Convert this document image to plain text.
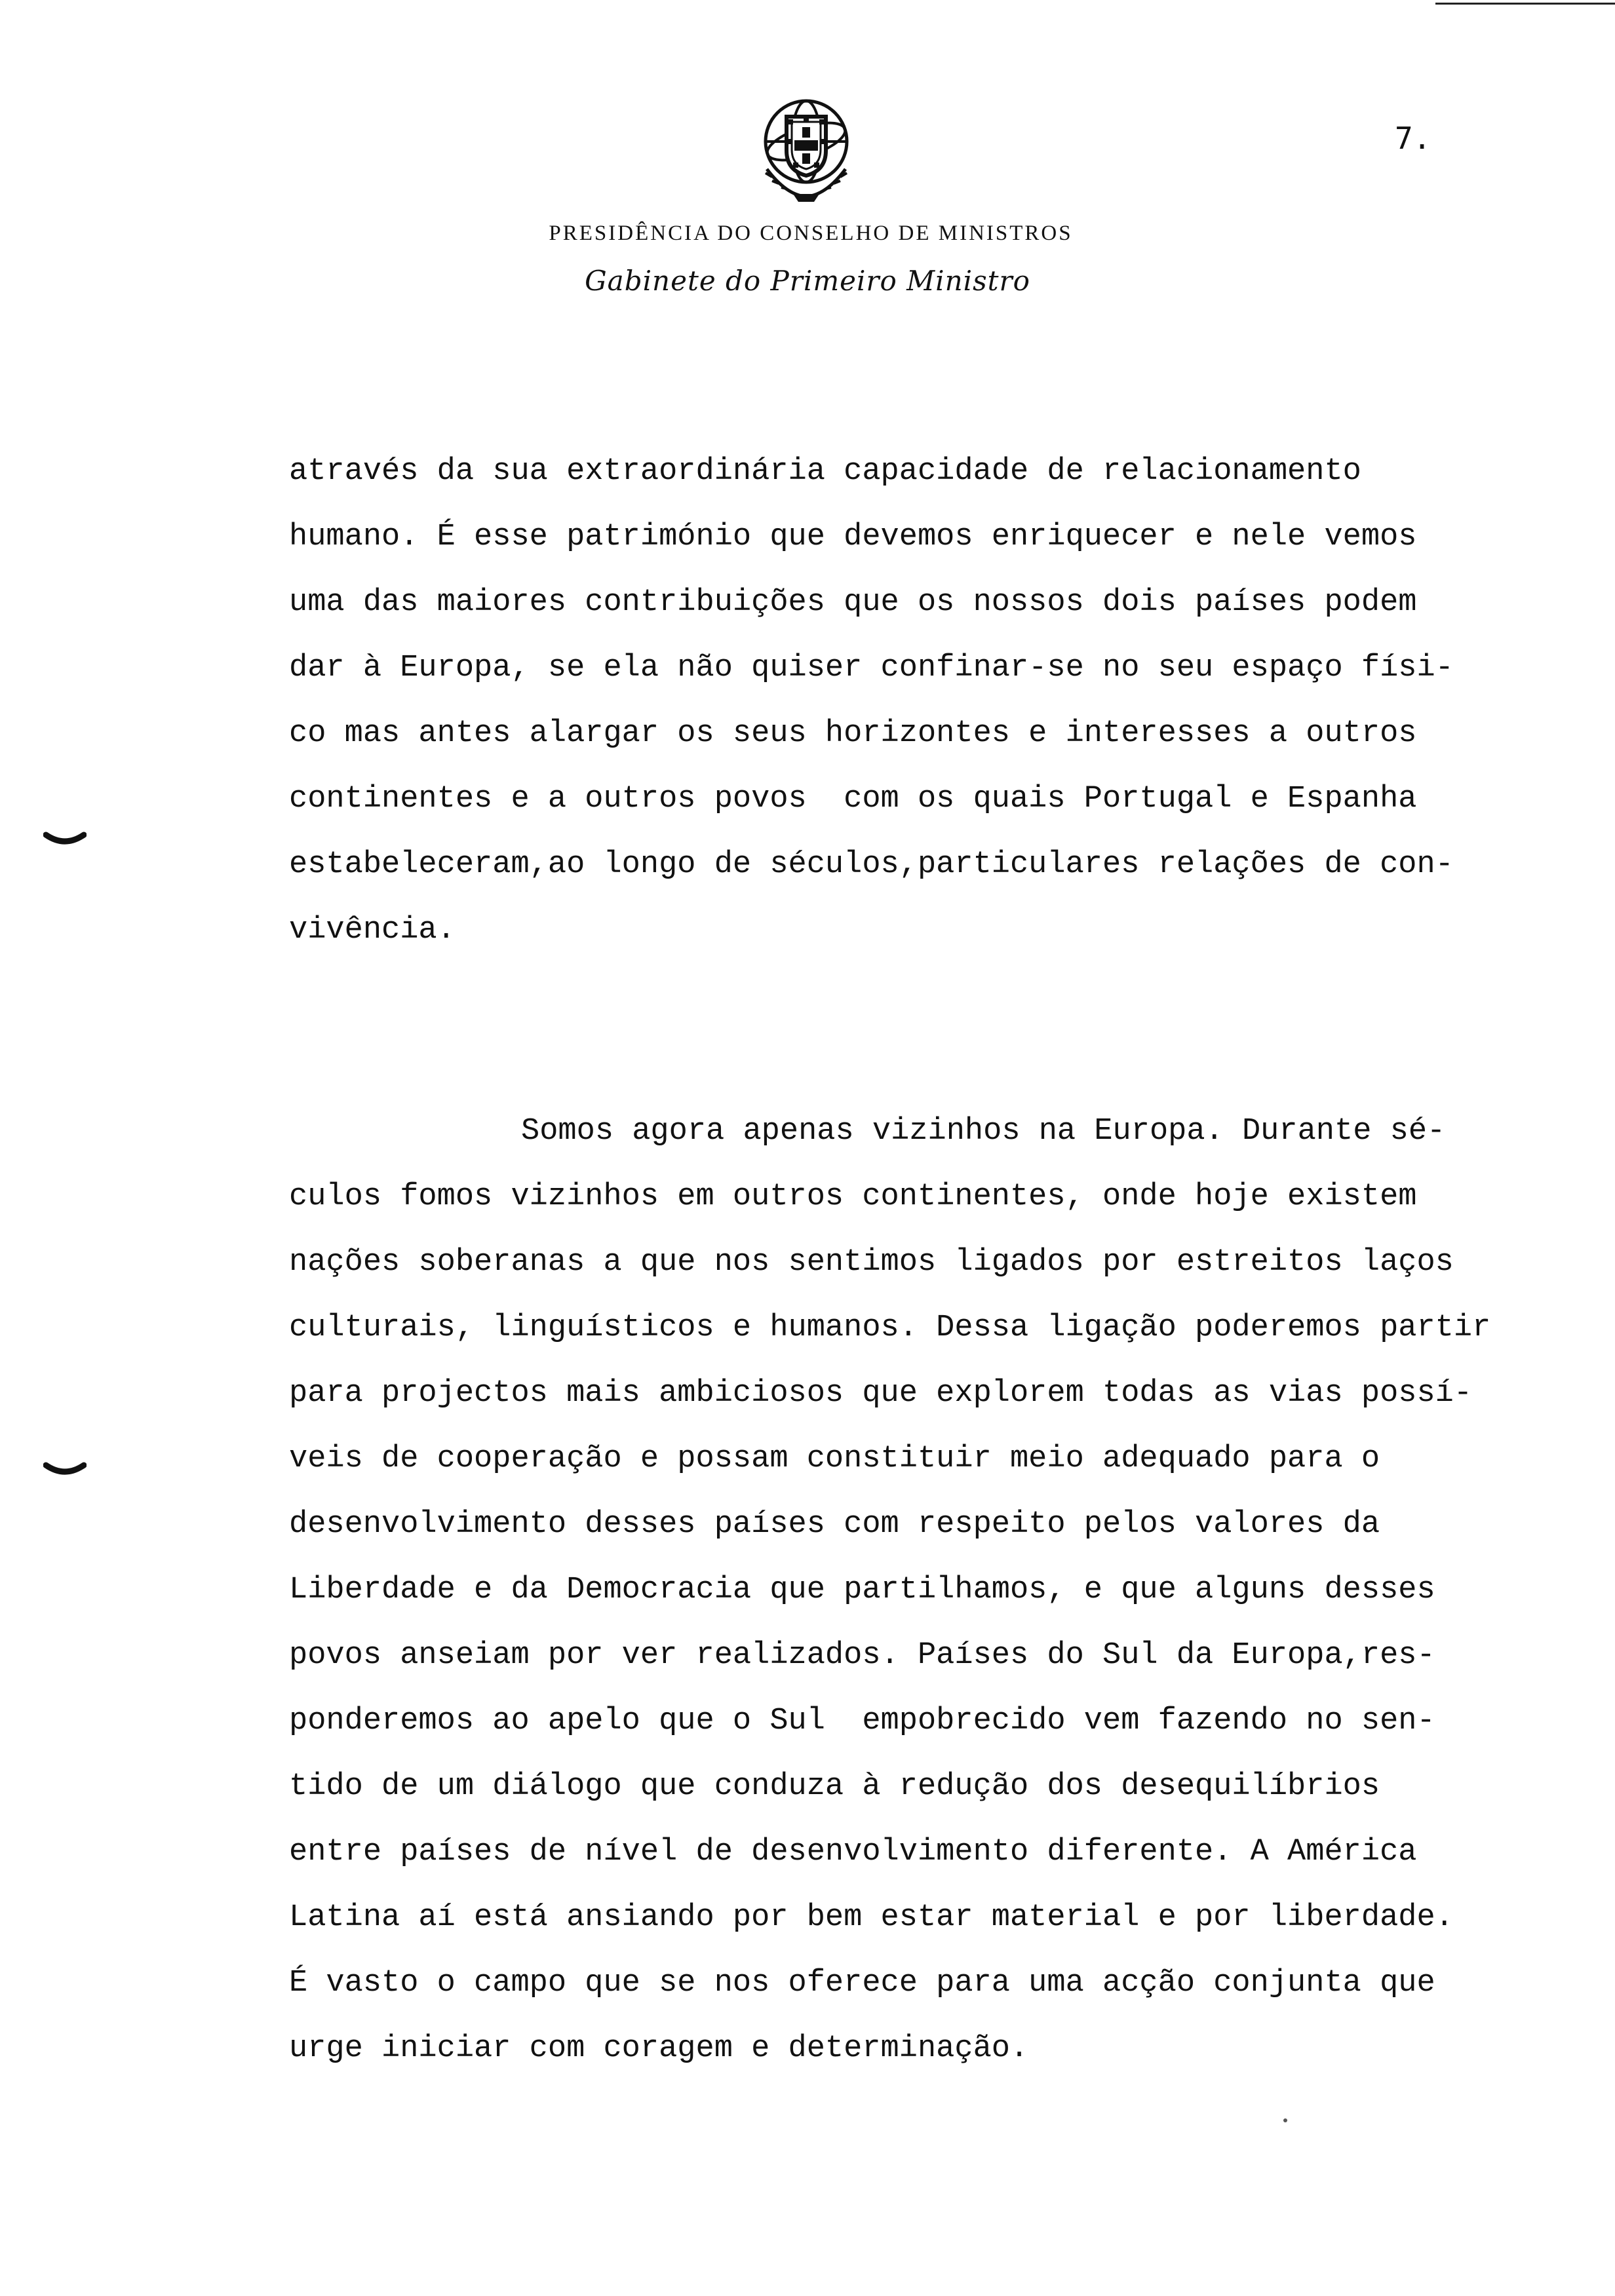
7.
PRESIDÊNCIA DO CONSELHO DE MINISTROS
Gabinete do Primeiro Ministro
através da sua extraordinária capacidade de relacionamento
humano. É esse património que devemos enriquecer e nele vemos
uma das maiores contribuições que os nossos dois países podem
dar à Europa, se ela não quiser confinar-se no seu espaço físi-
co mas antes alargar os seus horizontes e interesses a outros
continentes e a outros povos  com os quais Portugal e Espanha
estabeleceram,ao longo de séculos,particulares relações de con-
vivência.
Somos agora apenas vizinhos na Europa. Durante sé-
culos fomos vizinhos em outros continentes, onde hoje existem
nações soberanas a que nos sentimos ligados por estreitos laços
culturais, linguísticos e humanos. Dessa ligação poderemos partir
para projectos mais ambiciosos que explorem todas as vias possí-
veis de cooperação e possam constituir meio adequado para o
desenvolvimento desses países com respeito pelos valores da
Liberdade e da Democracia que partilhamos, e que alguns desses
povos anseiam por ver realizados. Países do Sul da Europa,res-
ponderemos ao apelo que o Sul  empobrecido vem fazendo no sen-
tido de um diálogo que conduza à redução dos desequilíbrios
entre países de nível de desenvolvimento diferente. A América
Latina aí está ansiando por bem estar material e por liberdade.
É vasto o campo que se nos oferece para uma acção conjunta que
urge iniciar com coragem e determinação.
